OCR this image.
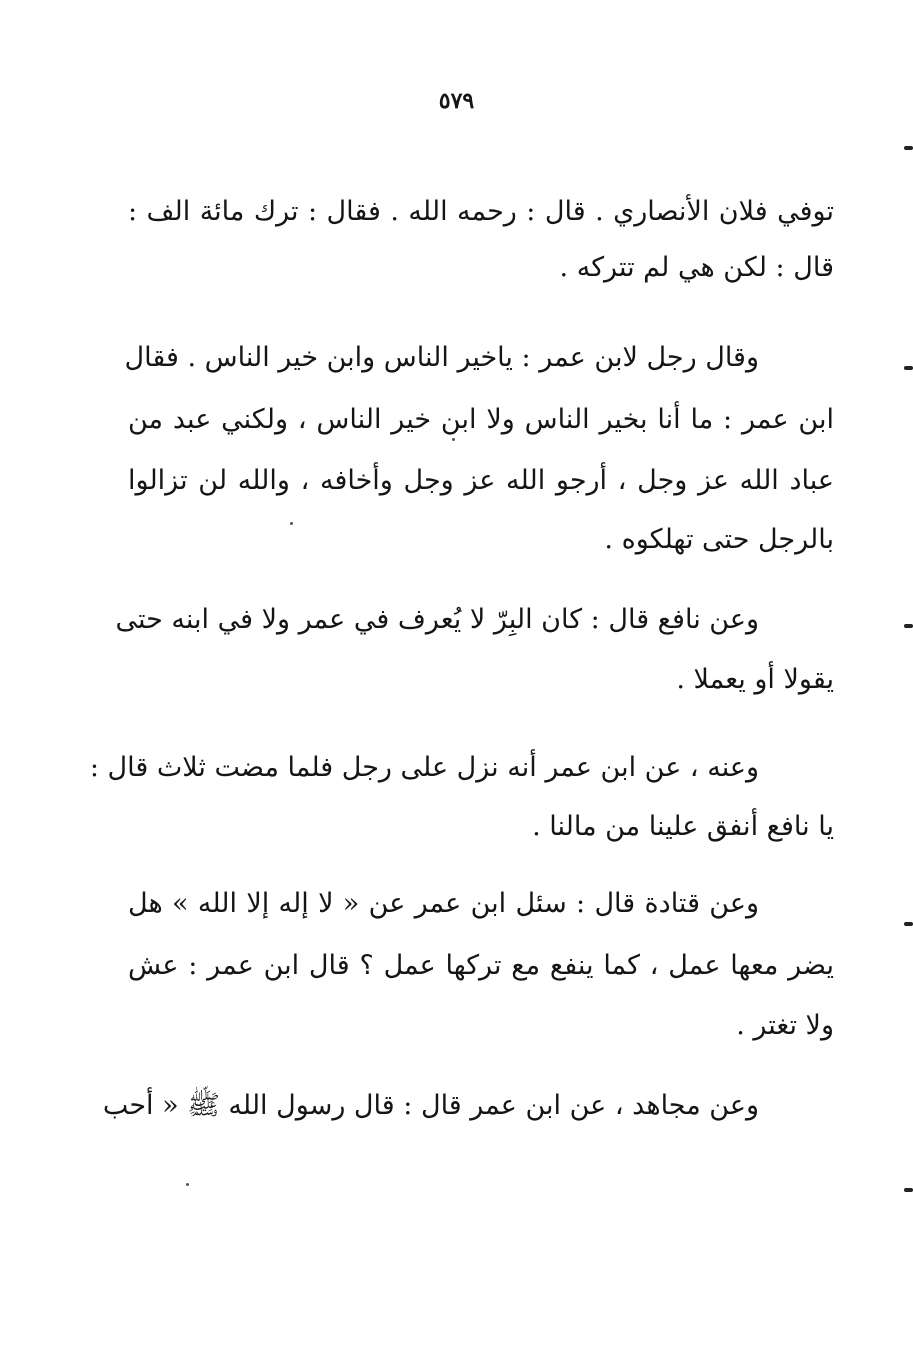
٥٧٩
توفي فلان الأنصاري . قال : رحمه الله . فقال : ترك مائة الف :
قال : لكن هي لم تتركه .
وقال رجل لابن عمر : ياخير الناس وابن خير الناس . فقال
ابن عمر : ما أنا بخير الناس ولا ابن خير الناس ، ولكني عبد من
عباد الله عز وجل ، أرجو الله عز وجل وأخافه ، والله لن تزالوا
بالرجل حتى تهلكوه .
وعن نافع قال : كان البِرّ لا يُعرف في عمر ولا في ابنه حتى
يقولا أو يعملا .
وعنه ، عن ابن عمر أنه نزل على رجل فلما مضت ثلاث قال :
يا نافع أنفق علينا من مالنا .
وعن قتادة قال : سئل ابن عمر عن « لا إله إلا الله » هل
يضر معها عمل ، كما ينفع مع تركها عمل ؟ قال ابن عمر : عش
ولا تغتر .
وعن مجاهد ، عن ابن عمر قال : قال رسول الله ﷺ « أحب
